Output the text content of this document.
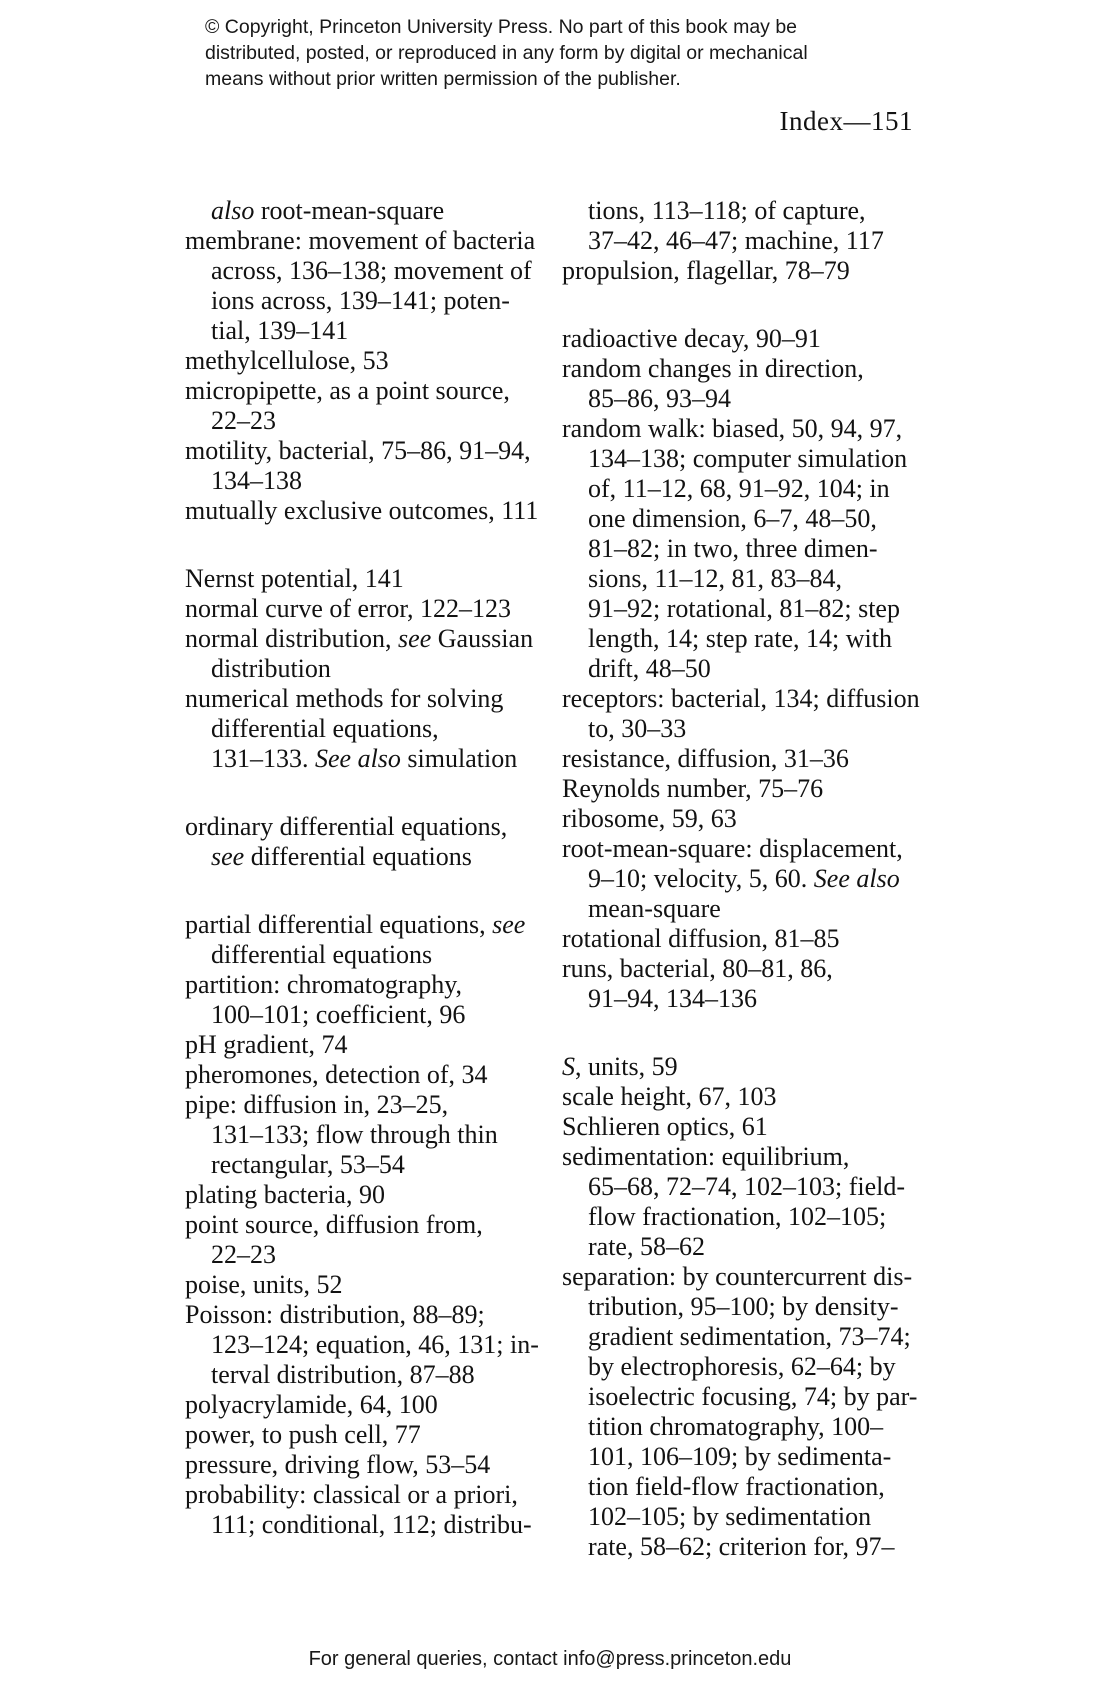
© Copyright, Princeton University Press. No part of this book may be
distributed, posted, or reproduced in any form by digital or mechanical
means without prior written permission of the publisher.
Index—151
also root-mean-square
membrane: movement of bacteria
across, 136–138; movement of
ions across, 139–141; poten-
tial, 139–141
methylcellulose, 53
micropipette, as a point source,
22–23
motility, bacterial, 75–86, 91–94,
134–138
mutually exclusive outcomes, 111
Nernst potential, 141
normal curve of error, 122–123
normal distribution, see Gaussian
distribution
numerical methods for solving
differential equations,
131–133. See also simulation
ordinary differential equations,
see differential equations
partial differential equations, see
differential equations
partition: chromatography,
100–101; coefficient, 96
pH gradient, 74
pheromones, detection of, 34
pipe: diffusion in, 23–25,
131–133; flow through thin
rectangular, 53–54
plating bacteria, 90
point source, diffusion from,
22–23
poise, units, 52
Poisson: distribution, 88–89;
123–124; equation, 46, 131; in-
terval distribution, 87–88
polyacrylamide, 64, 100
power, to push cell, 77
pressure, driving flow, 53–54
probability: classical or a priori,
111; conditional, 112; distribu-
tions, 113–118; of capture,
37–42, 46–47; machine, 117
propulsion, flagellar, 78–79
radioactive decay, 90–91
random changes in direction,
85–86, 93–94
random walk: biased, 50, 94, 97,
134–138; computer simulation
of, 11–12, 68, 91–92, 104; in
one dimension, 6–7, 48–50,
81–82; in two, three dimen-
sions, 11–12, 81, 83–84,
91–92; rotational, 81–82; step
length, 14; step rate, 14; with
drift, 48–50
receptors: bacterial, 134; diffusion
to, 30–33
resistance, diffusion, 31–36
Reynolds number, 75–76
ribosome, 59, 63
root-mean-square: displacement,
9–10; velocity, 5, 60. See also
mean-square
rotational diffusion, 81–85
runs, bacterial, 80–81, 86,
91–94, 134–136
S, units, 59
scale height, 67, 103
Schlieren optics, 61
sedimentation: equilibrium,
65–68, 72–74, 102–103; field-
flow fractionation, 102–105;
rate, 58–62
separation: by countercurrent dis-
tribution, 95–100; by density-
gradient sedimentation, 73–74;
by electrophoresis, 62–64; by
isoelectric focusing, 74; by par-
tition chromatography, 100–
101, 106–109; by sedimenta-
tion field-flow fractionation,
102–105; by sedimentation
rate, 58–62; criterion for, 97–
For general queries, contact info@press.princeton.edu
